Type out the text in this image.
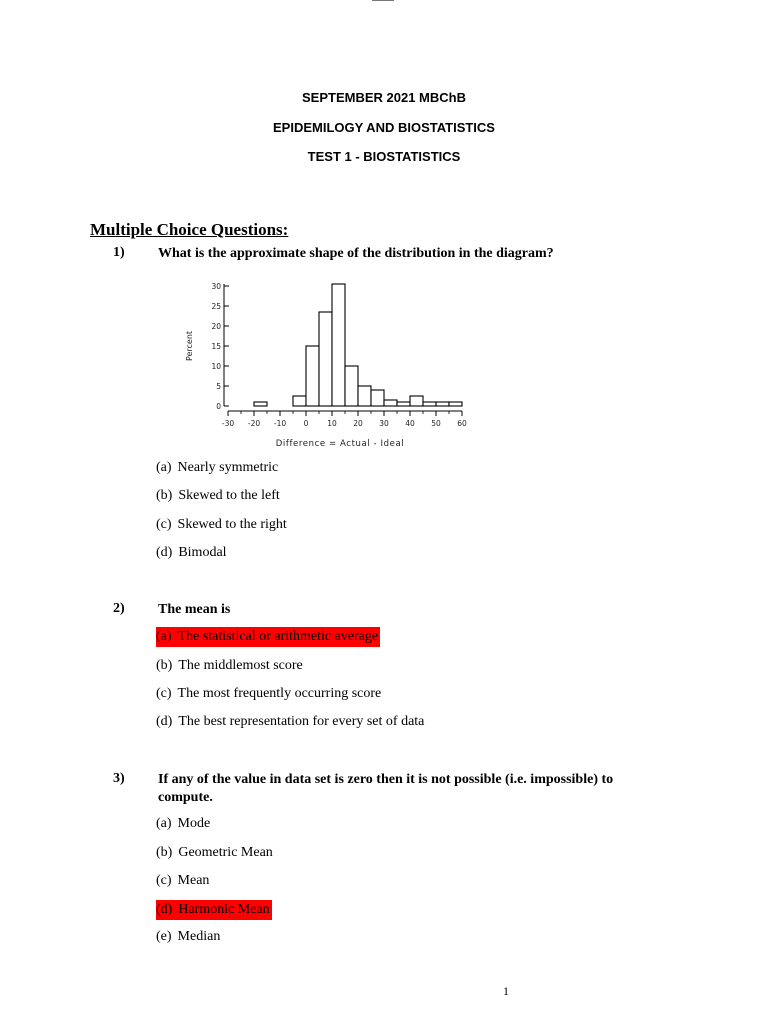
SEPTEMBER 2021 MBChB
EPIDEMILOGY AND BIOSTATISTICS
TEST 1 - BIOSTATISTICS
Multiple Choice Questions:
1) What is the approximate shape of the distribution in the diagram?
0
5
10
15
20
25
30
-30 -20 -10 0	10 20 30 40 50 60
Percent
Difference = Actual - Ideal
(a) Nearly symmetric
(b) Skewed to the left
(c) Skewed to the right
(d) Bimodal
2) The mean is
(a) The statistical or arithmetic average
(b) The middlemost score
(c) The most frequently occurring score
(d) The best representation for every set of data
3) If any of the value in data set is zero then it is not possible (i.e. impossible) to compute.
(a) Mode
(b) Geometric Mean
(c) Mean
(d) Harmonic Mean
(e) Median
1
